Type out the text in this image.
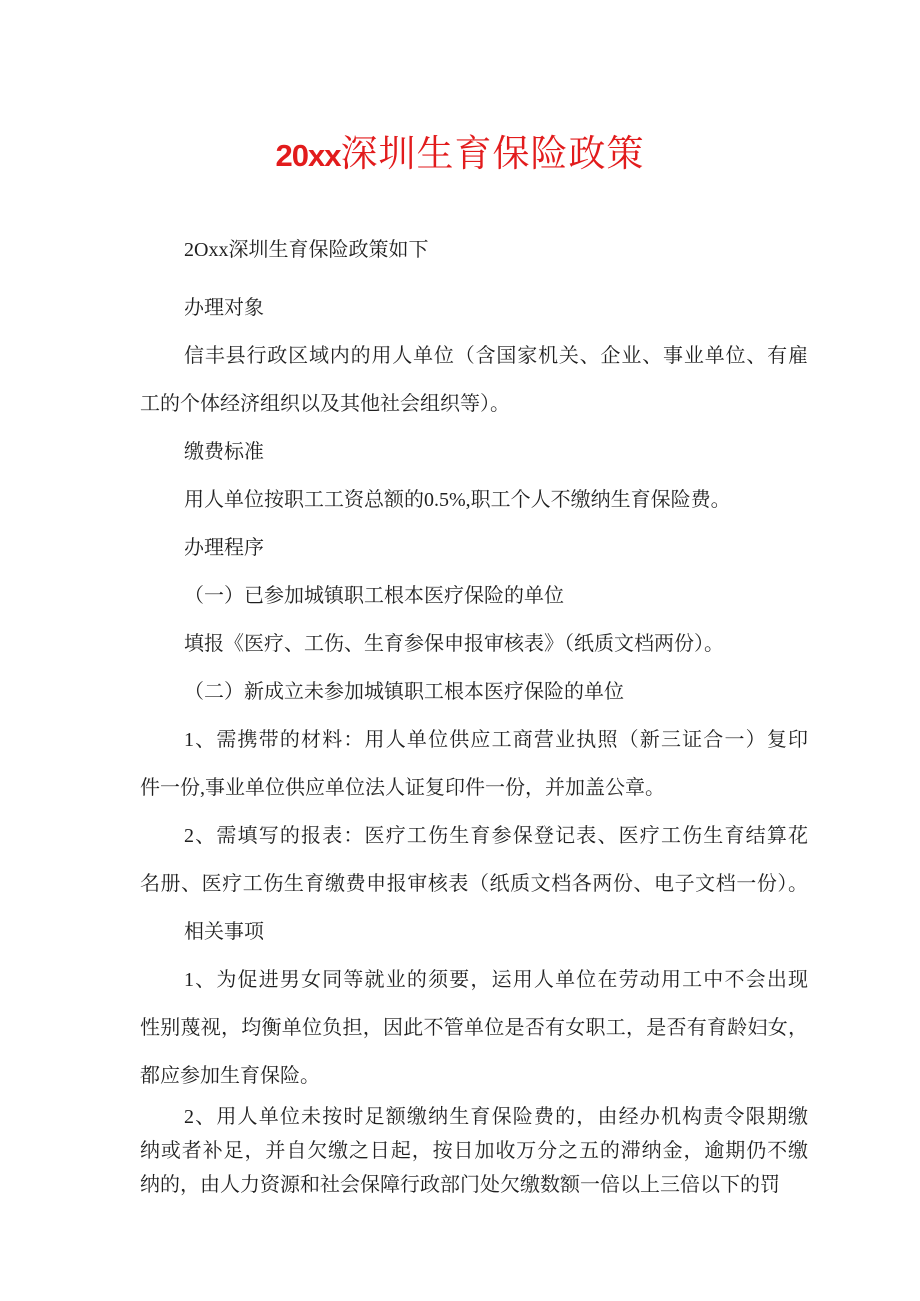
20xx深圳生育保险政策
2Oxx深圳生育保险政策如下
办理对象
信丰县行政区域内的用人单位（含国家机关、企业、事业单位、有雇
工的个体经济组织以及其他社会组织等）。
缴费标准
用人单位按职工工资总额的0.5%,职工个人不缴纳生育保险费。
办理程序
（一）已参加城镇职工根本医疗保险的单位
填报《医疗、工伤、生育参保申报审核表》（纸质文档两份）。
（二）新成立未参加城镇职工根本医疗保险的单位
1、需携带的材料：用人单位供应工商营业执照（新三证合一）复印
件一份,事业单位供应单位法人证复印件一份，并加盖公章。
2、需填写的报表：医疗工伤生育参保登记表、医疗工伤生育结算花
名册、医疗工伤生育缴费申报审核表（纸质文档各两份、电子文档一份）。
相关事项
1、为促进男女同等就业的须要，运用人单位在劳动用工中不会出现
性别蔑视，均衡单位负担，因此不管单位是否有女职工，是否有育龄妇女，
都应参加生育保险。
2、用人单位未按时足额缴纳生育保险费的，由经办机构责令限期缴
纳或者补足，并自欠缴之日起，按日加收万分之五的滞纳金，逾期仍不缴
纳的，由人力资源和社会保障行政部门处欠缴数额一倍以上三倍以下的罚
